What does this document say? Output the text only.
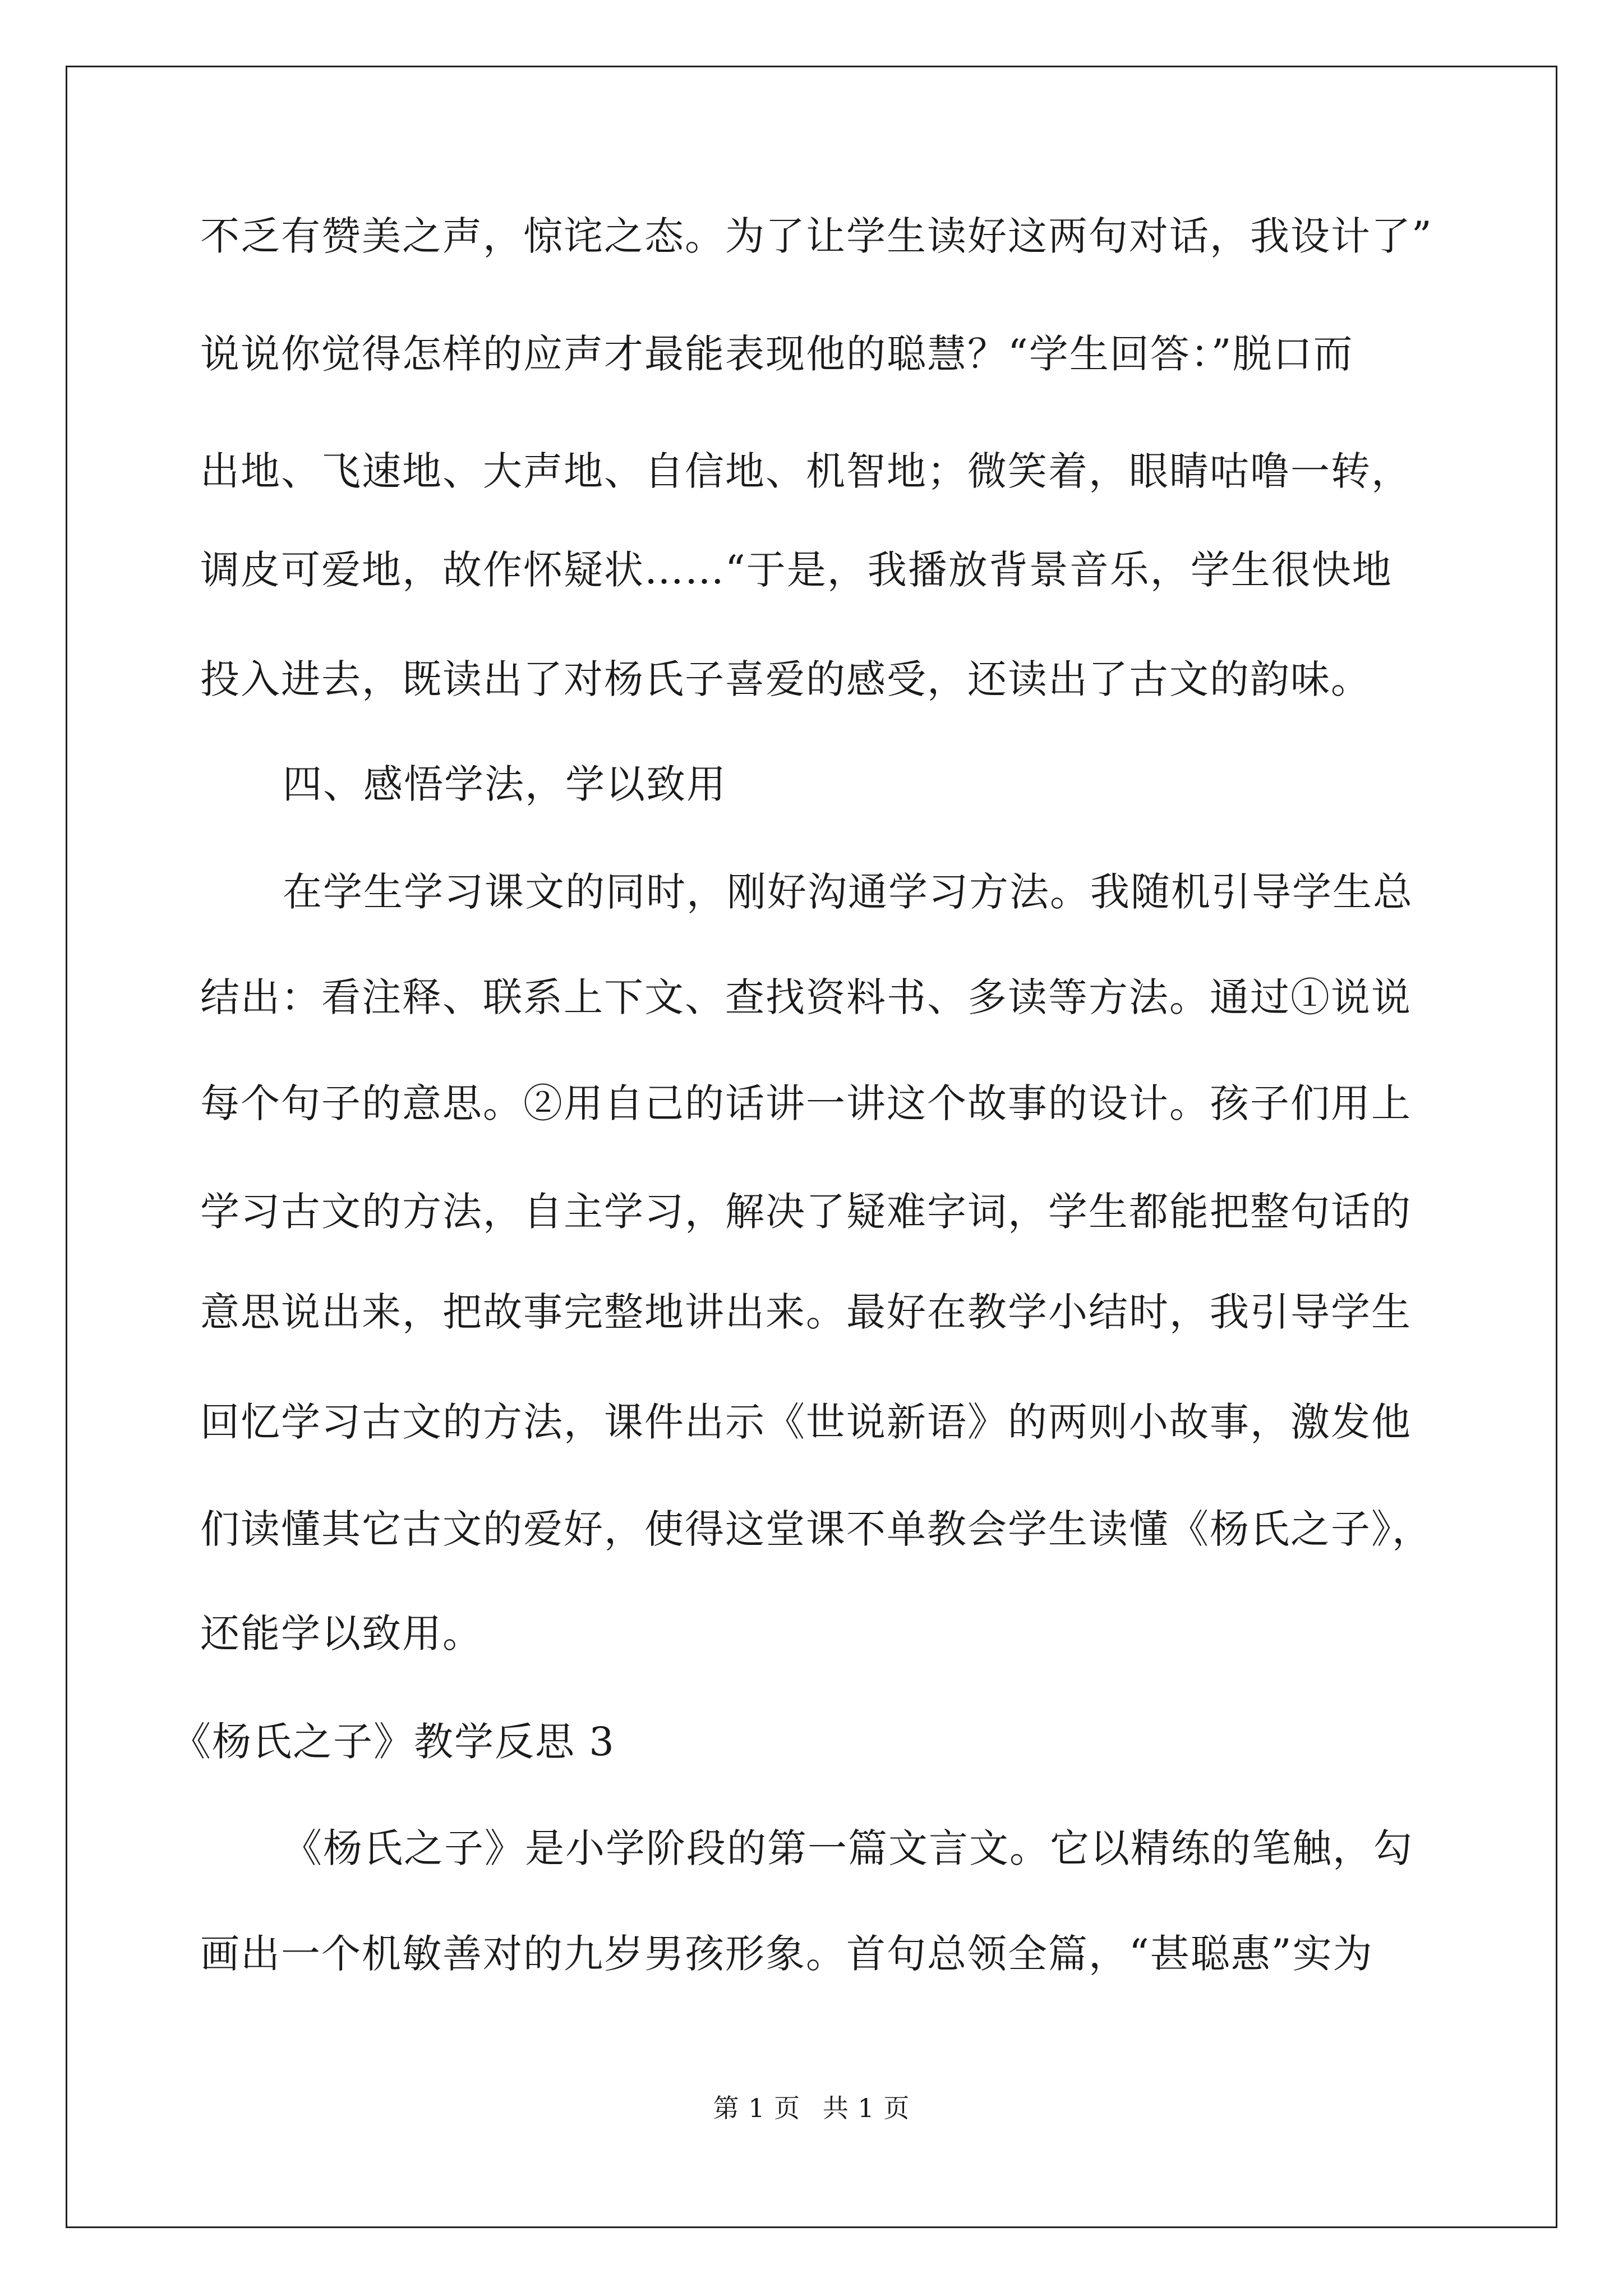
不乏有赞美之声，惊诧之态。为了让学生读好这两句对话，我设计了”
说说你觉得怎样的应声才最能表现他的聪慧？“学生回答：”脱口而
出地、飞速地、大声地、自信地、机智地；微笑着，眼睛咕噜一转，
调皮可爱地，故作怀疑状……“于是，我播放背景音乐，学生很快地
投入进去，既读出了对杨氏子喜爱的感受，还读出了古文的韵味。
四、感悟学法，学以致用
在学生学习课文的同时，刚好沟通学习方法。我随机引导学生总
结出：看注释、联系上下文、查找资料书、多读等方法。通过①说说
每个句子的意思。②用自己的话讲一讲这个故事的设计。孩子们用上
学习古文的方法，自主学习，解决了疑难字词，学生都能把整句话的
意思说出来，把故事完整地讲出来。最好在教学小结时，我引导学生
回忆学习古文的方法，课件出示《世说新语》的两则小故事，激发他
们读懂其它古文的爱好，使得这堂课不单教会学生读懂《杨氏之子》，
还能学以致用。
《杨氏之子》教学反思 3
《杨氏之子》是小学阶段的第一篇文言文。它以精练的笔触，勾
画出一个机敏善对的九岁男孩形象。首句总领全篇，“甚聪惠”实为
第 1 页 共 1 页
